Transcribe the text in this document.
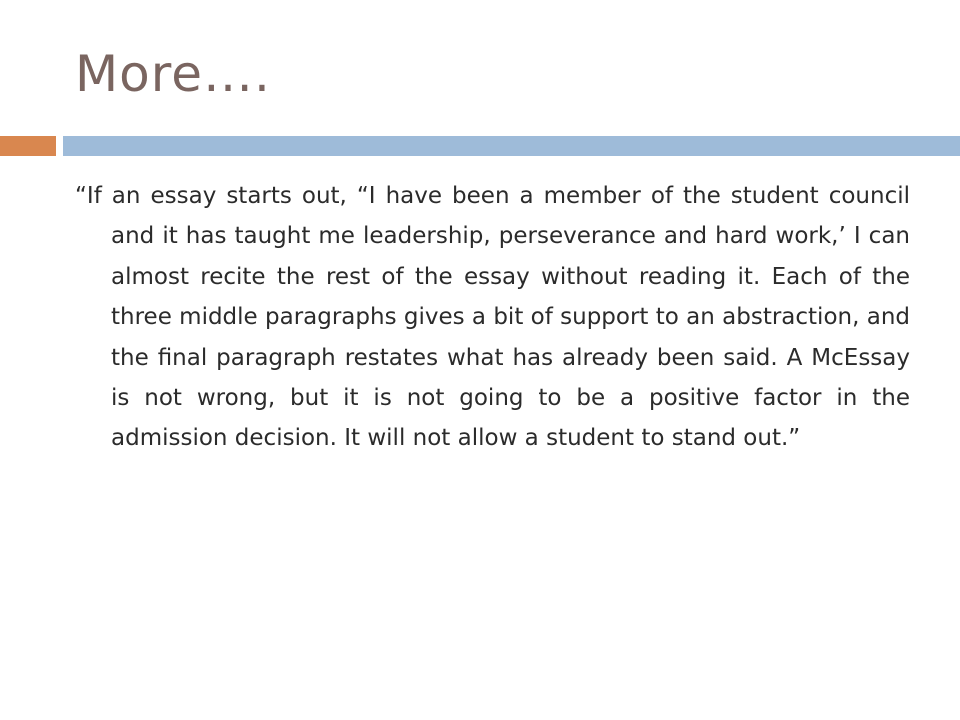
More….

“If an essay starts out, “I have been a member of the student council and it has taught me leadership, perseverance and hard work,’ I can almost recite the rest of the essay without reading it. Each of the three middle paragraphs gives a bit of support to an abstraction, and the final paragraph restates what has already been said. A McEssay is not wrong, but it is not going to be a positive factor in the admission decision. It will not allow a student to stand out.”
